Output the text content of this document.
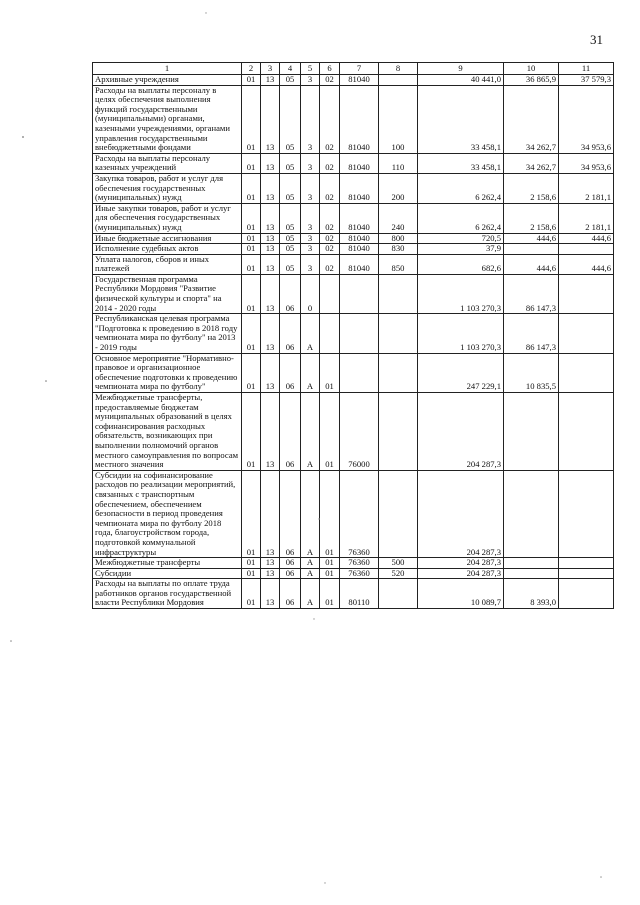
31
1	2	3	4	5	6	7	8	9	10	11
Архивные учреждения	01	13	05	3	02	81040		40 441,0	36 865,9	37 579,3
Расходы на выплаты персоналу в целях обеспечения выполнения функций государственными (муниципальными) органами, казенными учреждениями, органами управления государственными внебюджетными фондами	01	13	05	3	02	81040	100	33 458,1	34 262,7	34 953,6
Расходы на выплаты персоналу казенных учреждений	01	13	05	3	02	81040	110	33 458,1	34 262,7	34 953,6
Закупка товаров, работ и услуг для обеспечения государственных (муниципальных) нужд	01	13	05	3	02	81040	200	6 262,4	2 158,6	2 181,1
Иные закупки товаров, работ и услуг для обеспечения государственных (муниципальных) нужд	01	13	05	3	02	81040	240	6 262,4	2 158,6	2 181,1
Иные бюджетные ассигнования	01	13	05	3	02	81040	800	720,5	444,6	444,6
Исполнение судебных актов	01	13	05	3	02	81040	830	37,9		
Уплата налогов, сборов и иных платежей	01	13	05	3	02	81040	850	682,6	444,6	444,6
Государственная программа Республики Мордовия "Развитие физической культуры и спорта" на 2014 - 2020 годы	01	13	06	0				1 103 270,3	86 147,3	
Республиканская целевая программа "Подготовка к проведению в 2018 году чемпионата мира по футболу" на 2013 - 2019 годы	01	13	06	А				1 103 270,3	86 147,3	
Основное мероприятие "Нормативно-правовое и организационное обеспечение подготовки к проведению чемпионата мира по футболу"	01	13	06	А	01			247 229,1	10 835,5	
Межбюджетные трансферты, предоставляемые бюджетам муниципальных образований в целях софинансирования расходных обязательств, возникающих при выполнении полномочий органов местного самоуправления по вопросам местного значения	01	13	06	А	01	76000		204 287,3		
Субсидии на софинансирование расходов по реализации мероприятий, связанных с транспортным обеспечением, обеспечением безопасности в период проведения чемпионата мира по футболу 2018 года, благоустройством города, подготовкой коммунальной инфраструктуры	01	13	06	А	01	76360		204 287,3		
Межбюджетные трансферты	01	13	06	А	01	76360	500	204 287,3		
Субсидии	01	13	06	А	01	76360	520	204 287,3		
Расходы на выплаты по оплате труда работников органов государственной власти Республики Мордовия	01	13	06	А	01	80110		10 089,7	8 393,0	
